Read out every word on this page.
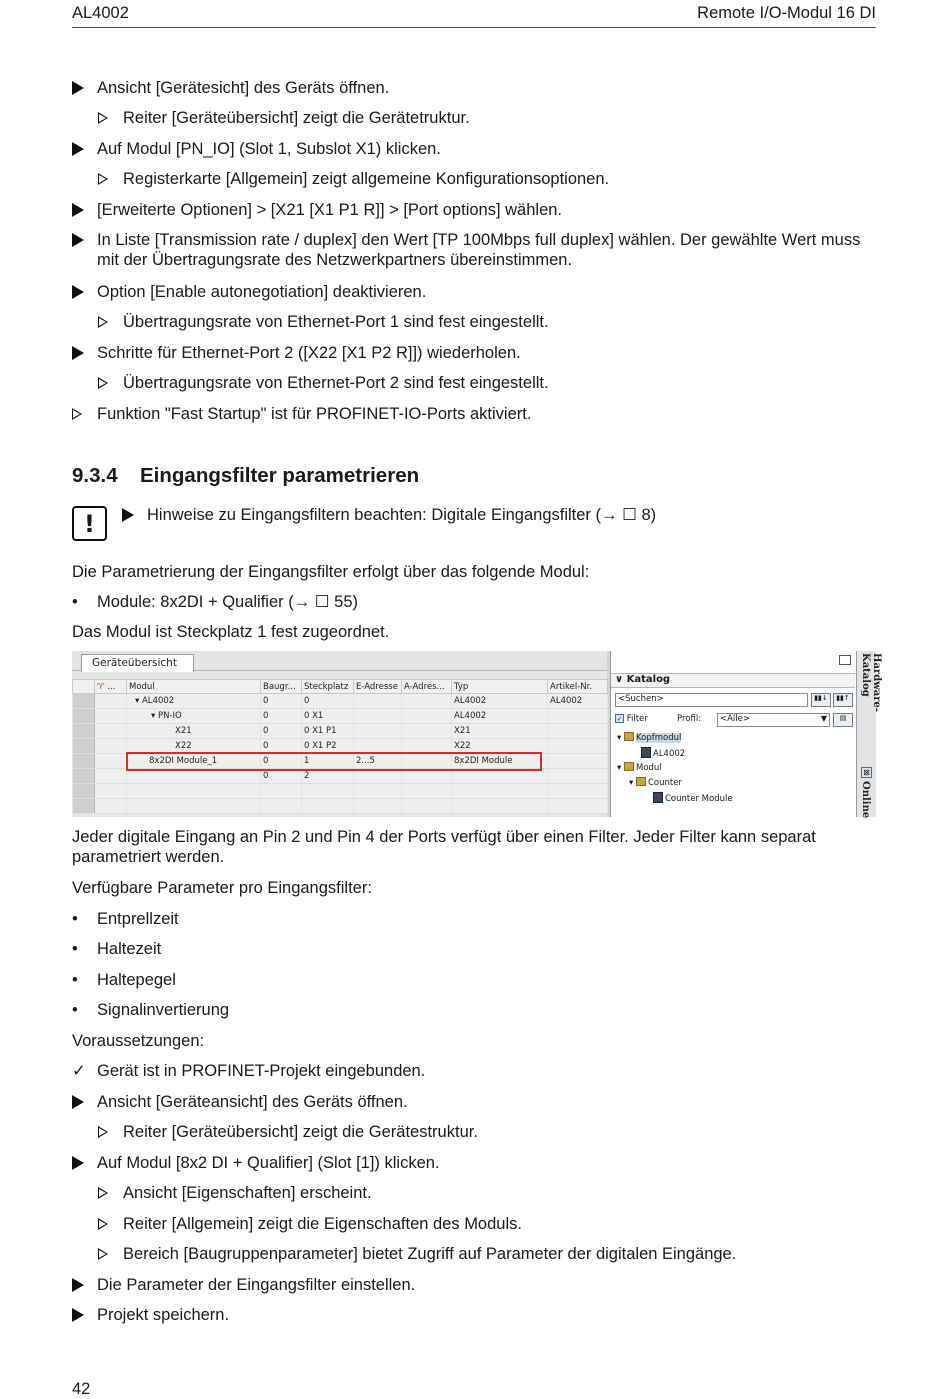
AL4002	Remote I/O-Modul 16 DI
Ansicht [Gerätesicht] des Geräts öffnen.
Reiter [Geräteübersicht] zeigt die Gerätetruktur.
Auf Modul [PN_IO] (Slot 1, Subslot X1) klicken.
Registerkarte [Allgemein] zeigt allgemeine Konfigurationsoptionen.
[Erweiterte Optionen] > [X21 [X1 P1 R]] > [Port options] wählen.
In Liste [Transmission rate / duplex] den Wert [TP 100Mbps full duplex] wählen. Der gewählte Wert muss mit der Übertragungsrate des Netzwerkpartners übereinstimmen.
Option [Enable autonegotiation] deaktivieren.
Übertragungsrate von Ethernet-Port 1 sind fest eingestellt.
Schritte für Ethernet-Port 2 ([X22 [X1 P2 R]]) wiederholen.
Übertragungsrate von Ethernet-Port 2 sind fest eingestellt.
Funktion "Fast Startup" ist für PROFINET-IO-Ports aktiviert.
9.3.4 Eingangsfilter parametrieren
!	Hinweise zu Eingangsfiltern beachten: Digitale Eingangsfilter (→ ☐ 8)
Die Parametrierung der Eingangsfilter erfolgt über das folgende Modul:
•	Module: 8x2DI + Qualifier (→ ☐ 55)
Das Modul ist Steckplatz 1 fest zugeordnet.
Geräteübersicht
	♈ ...	Modul	Baugr...	Steckplatz	E-Adresse	A-Adres...	Typ	Artikel-Nr.
		▾ AL4002	0	0			AL4002	AL4002
		▾ PN-IO	0	0 X1			AL4002	
		X21	0	0 X1 P1			X21	
		X22	0	0 X1 P2			X22	
		8x2DI Module_1	0	1	2...5		8x2DI Module	
			0	2				

∨ Katalog
<Suchen>	▮▮↓	▮▮↑
✓ Filter	Profil:	<Alle>	▼	▤
▾ Kopfmodul
AL4002
▾ Modul
▾ Counter
Counter Module
Hardware-Katalog
⊠
Online
Jeder digitale Eingang an Pin 2 und Pin 4 der Ports verfügt über einen Filter. Jeder Filter kann separat parametriert werden.
Verfügbare Parameter pro Eingangsfilter:
•	Entprellzeit
•	Haltezeit
•	Haltepegel
•	Signalinvertierung
Voraussetzungen:
✓ Gerät ist in PROFINET-Projekt eingebunden.
Ansicht [Geräteansicht] des Geräts öffnen.
Reiter [Geräteübersicht] zeigt die Gerätestruktur.
Auf Modul [8x2 DI + Qualifier] (Slot [1]) klicken.
Ansicht [Eigenschaften] erscheint.
Reiter [Allgemein] zeigt die Eigenschaften des Moduls.
Bereich [Baugruppenparameter] bietet Zugriff auf Parameter der digitalen Eingänge.
Die Parameter der Eingangsfilter einstellen.
Projekt speichern.
42
